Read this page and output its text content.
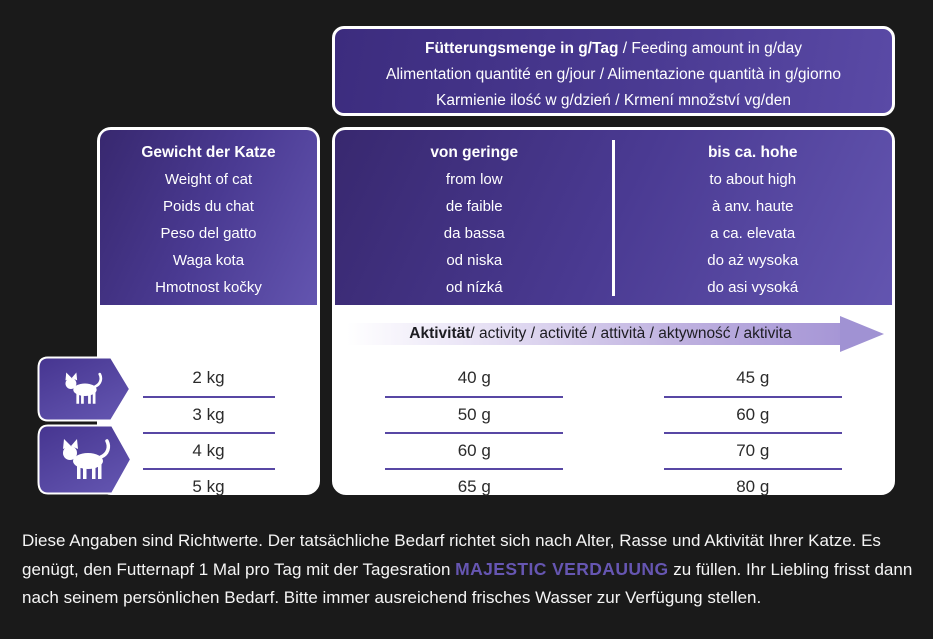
Fütterungsmenge in g/Tag / Feeding amount in g/day
Alimentation quantité en g/jour / Alimentazione quantità in g/giorno
Karmienie ilość w g/dzień / Krmení množství vg/den
Gewicht der Katze
Weight of cat
Poids du chat
Peso del gatto
Waga kota
Hmotnost kočky
2 kg
3 kg
4 kg
5 kg
von geringe
from low
de faible
da bassa
od niska
od nízká
bis ca. hohe
to about high
à anv. haute
a ca. elevata
do aż wysoka
do asi vysoká
Aktivität/ activity / activité / attività / aktywność / aktivita
40 g
50 g
60 g
65 g
45 g
60 g
70 g
80 g
Diese Angaben sind Richtwerte. Der tatsächliche Bedarf richtet sich nach Alter, Rasse und Aktivität Ihrer Katze. Es genügt, den Futternapf 1 Mal pro Tag mit der Tagesration MAJESTIC VERDAUUNG zu füllen. Ihr Liebling frisst dann nach seinem persönlichen Bedarf. Bitte immer ausreichend frisches Wasser zur Verfügung stellen.
